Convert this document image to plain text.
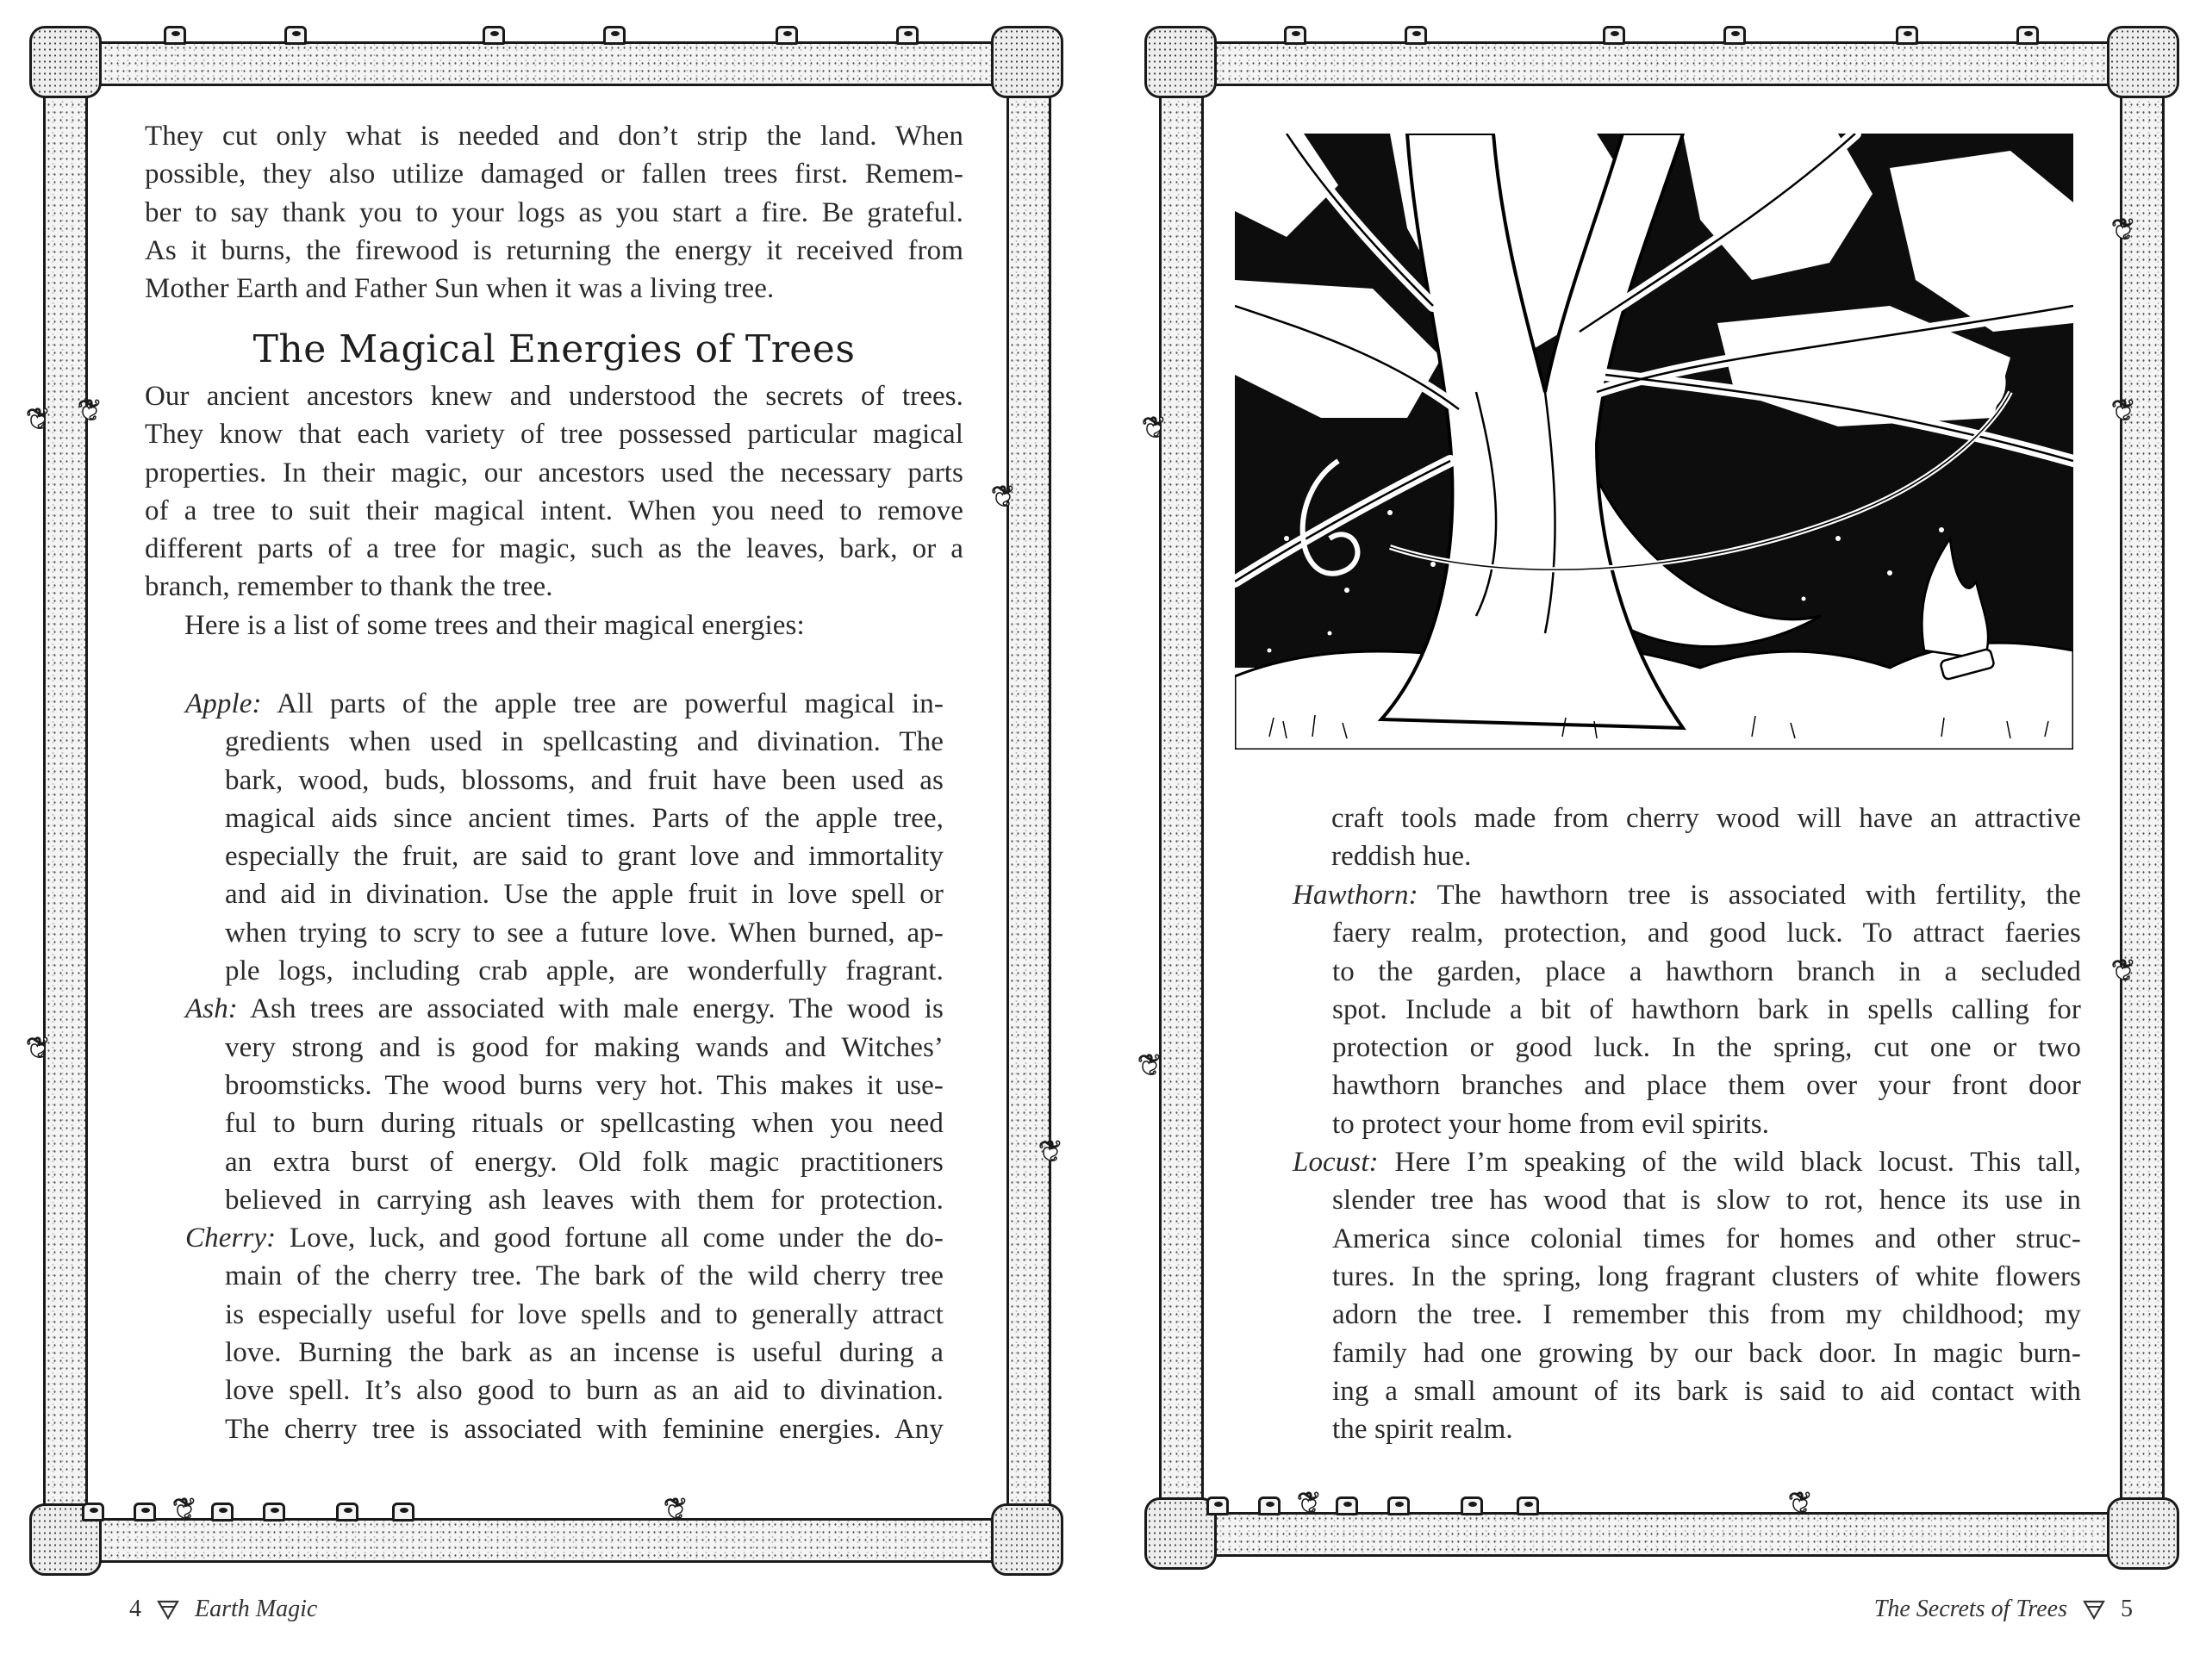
❦ ❦
❦
❦
❦
❦	❦
They cut only what is needed and don’t strip the land. When
possible, they also utilize damaged or fallen trees first. Remem-
ber to say thank you to your logs as you start a fire. Be grateful.
As it burns, the firewood is returning the energy it received from
Mother Earth and Father Sun when it was a living tree.
The Magical Energies of Trees
Our ancient ancestors knew and understood the secrets of trees.
They know that each variety of tree possessed particular magical
properties. In their magic, our ancestors used the necessary parts
of a tree to suit their magical intent. When you need to remove
different parts of a tree for magic, such as the leaves, bark, or a
branch, remember to thank the tree.
Here is a list of some trees and their magical energies:
Apple: All parts of the apple tree are powerful magical in-
gredients when used in spellcasting and divination. The
bark, wood, buds, blossoms, and fruit have been used as
magical aids since ancient times. Parts of the apple tree,
especially the fruit, are said to grant love and immortality
and aid in divination. Use the apple fruit in love spell or
when trying to scry to see a future love. When burned, ap-
ple logs, including crab apple, are wonderfully fragrant.
Ash: Ash trees are associated with male energy. The wood is
very strong and is good for making wands and Witches’
broomsticks. The wood burns very hot. This makes it use-
ful to burn during rituals or spellcasting when you need
an extra burst of energy. Old folk magic practitioners
believed in carrying ash leaves with them for protection.
Cherry: Love, luck, and good fortune all come under the do-
main of the cherry tree. The bark of the wild cherry tree
is especially useful for love spells and to generally attract
love. Burning the bark as an incense is useful during a
love spell. It’s also good to burn as an aid to divination.
The cherry tree is associated with feminine energies. Any
4 Earth Magic
❦
❦
❦
❦
❦
❦	❦
craft tools made from cherry wood will have an attractive
reddish hue.
Hawthorn: The hawthorn tree is associated with fertility, the
faery realm, protection, and good luck. To attract faeries
to the garden, place a hawthorn branch in a secluded
spot. Include a bit of hawthorn bark in spells calling for
protection or good luck. In the spring, cut one or two
hawthorn branches and place them over your front door
to protect your home from evil spirits.
Locust: Here I’m speaking of the wild black locust. This tall,
slender tree has wood that is slow to rot, hence its use in
America since colonial times for homes and other struc-
tures. In the spring, long fragrant clusters of white flowers
adorn the tree. I remember this from my childhood; my
family had one growing by our back door. In magic burn-
ing a small amount of its bark is said to aid contact with
the spirit realm.
The Secrets of Trees 5
